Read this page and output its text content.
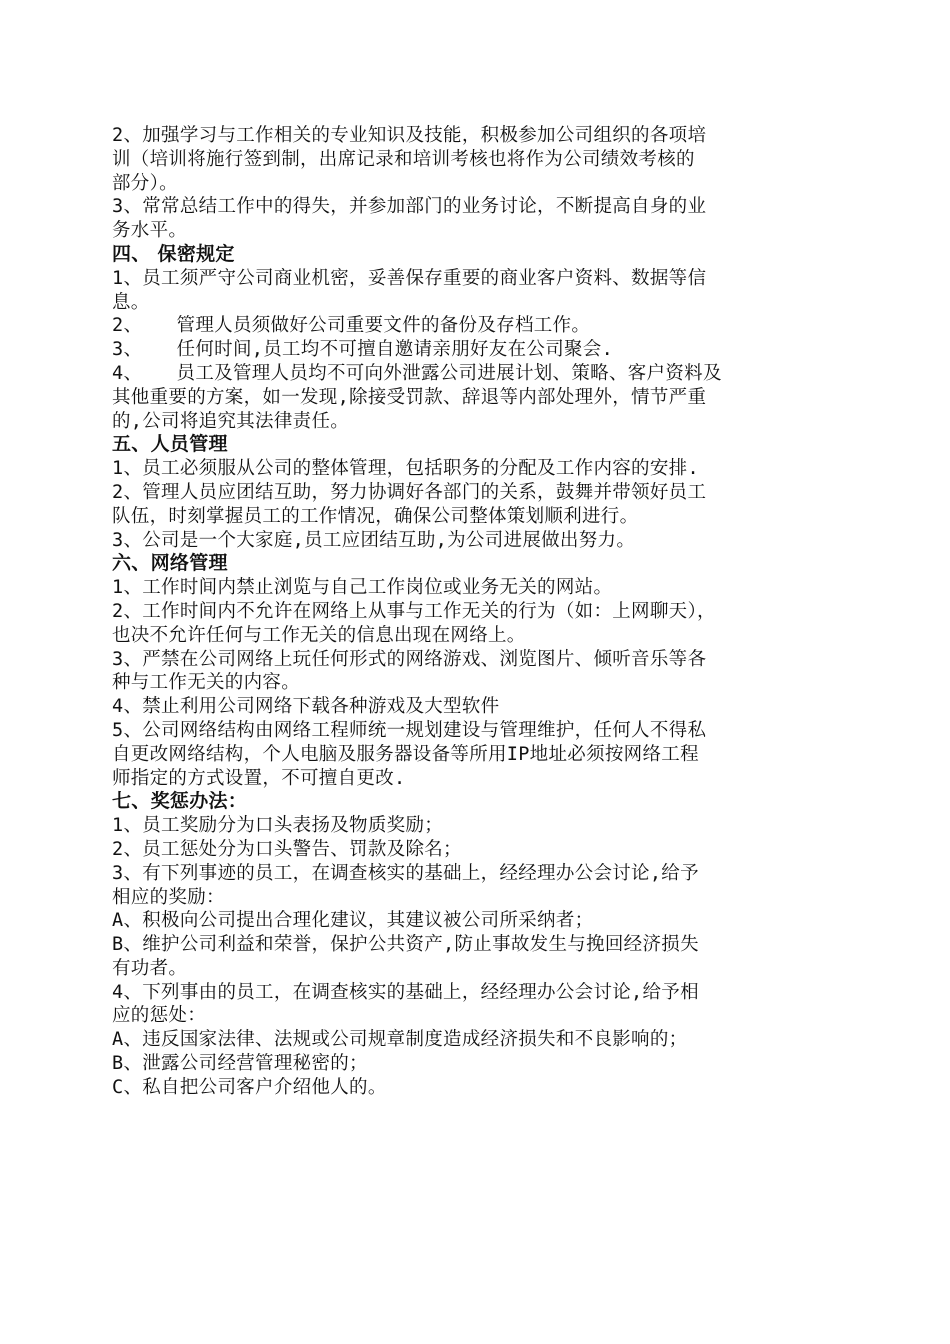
2、加强学习与工作相关的专业知识及技能，积极参加公司组织的各项培
训（培训将施行签到制，出席记录和培训考核也将作为公司绩效考核的
部分）。
3、常常总结工作中的得失，并参加部门的业务讨论，不断提高自身的业
务水平。
四、 保密规定
1、员工须严守公司商业机密，妥善保存重要的商业客户资料、数据等信
息。
2、   管理人员须做好公司重要文件的备份及存档工作。
3、   任何时间,员工均不可擅自邀请亲朋好友在公司聚会.
4、   员工及管理人员均不可向外泄露公司进展计划、策略、客户资料及
其他重要的方案，如一发现,除接受罚款、辞退等内部处理外，情节严重
的,公司将追究其法律责任。
五、人员管理
1、员工必须服从公司的整体管理，包括职务的分配及工作内容的安排.
2、管理人员应团结互助，努力协调好各部门的关系，鼓舞并带领好员工
队伍，时刻掌握员工的工作情况，确保公司整体策划顺利进行。
3、公司是一个大家庭,员工应团结互助,为公司进展做出努力。
六、网络管理
1、工作时间内禁止浏览与自己工作岗位或业务无关的网站。
2、工作时间内不允许在网络上从事与工作无关的行为（如：上网聊天），
也决不允许任何与工作无关的信息出现在网络上。
3、严禁在公司网络上玩任何形式的网络游戏、浏览图片、倾听音乐等各
种与工作无关的内容。
4、禁止利用公司网络下载各种游戏及大型软件
5、公司网络结构由网络工程师统一规划建设与管理维护，任何人不得私
自更改网络结构，个人电脑及服务器设备等所用IP地址必须按网络工程
师指定的方式设置，不可擅自更改.
七、奖惩办法：
1、员工奖励分为口头表扬及物质奖励；
2、员工惩处分为口头警告、罚款及除名；
3、有下列事迹的员工，在调查核实的基础上，经经理办公会讨论,给予
相应的奖励：
A、积极向公司提出合理化建议，其建议被公司所采纳者；
B、维护公司利益和荣誉，保护公共资产,防止事故发生与挽回经济损失
有功者。
4、下列事由的员工，在调查核实的基础上，经经理办公会讨论,给予相
应的惩处：
A、违反国家法律、法规或公司规章制度造成经济损失和不良影响的；
B、泄露公司经营管理秘密的；
C、私自把公司客户介绍他人的。
